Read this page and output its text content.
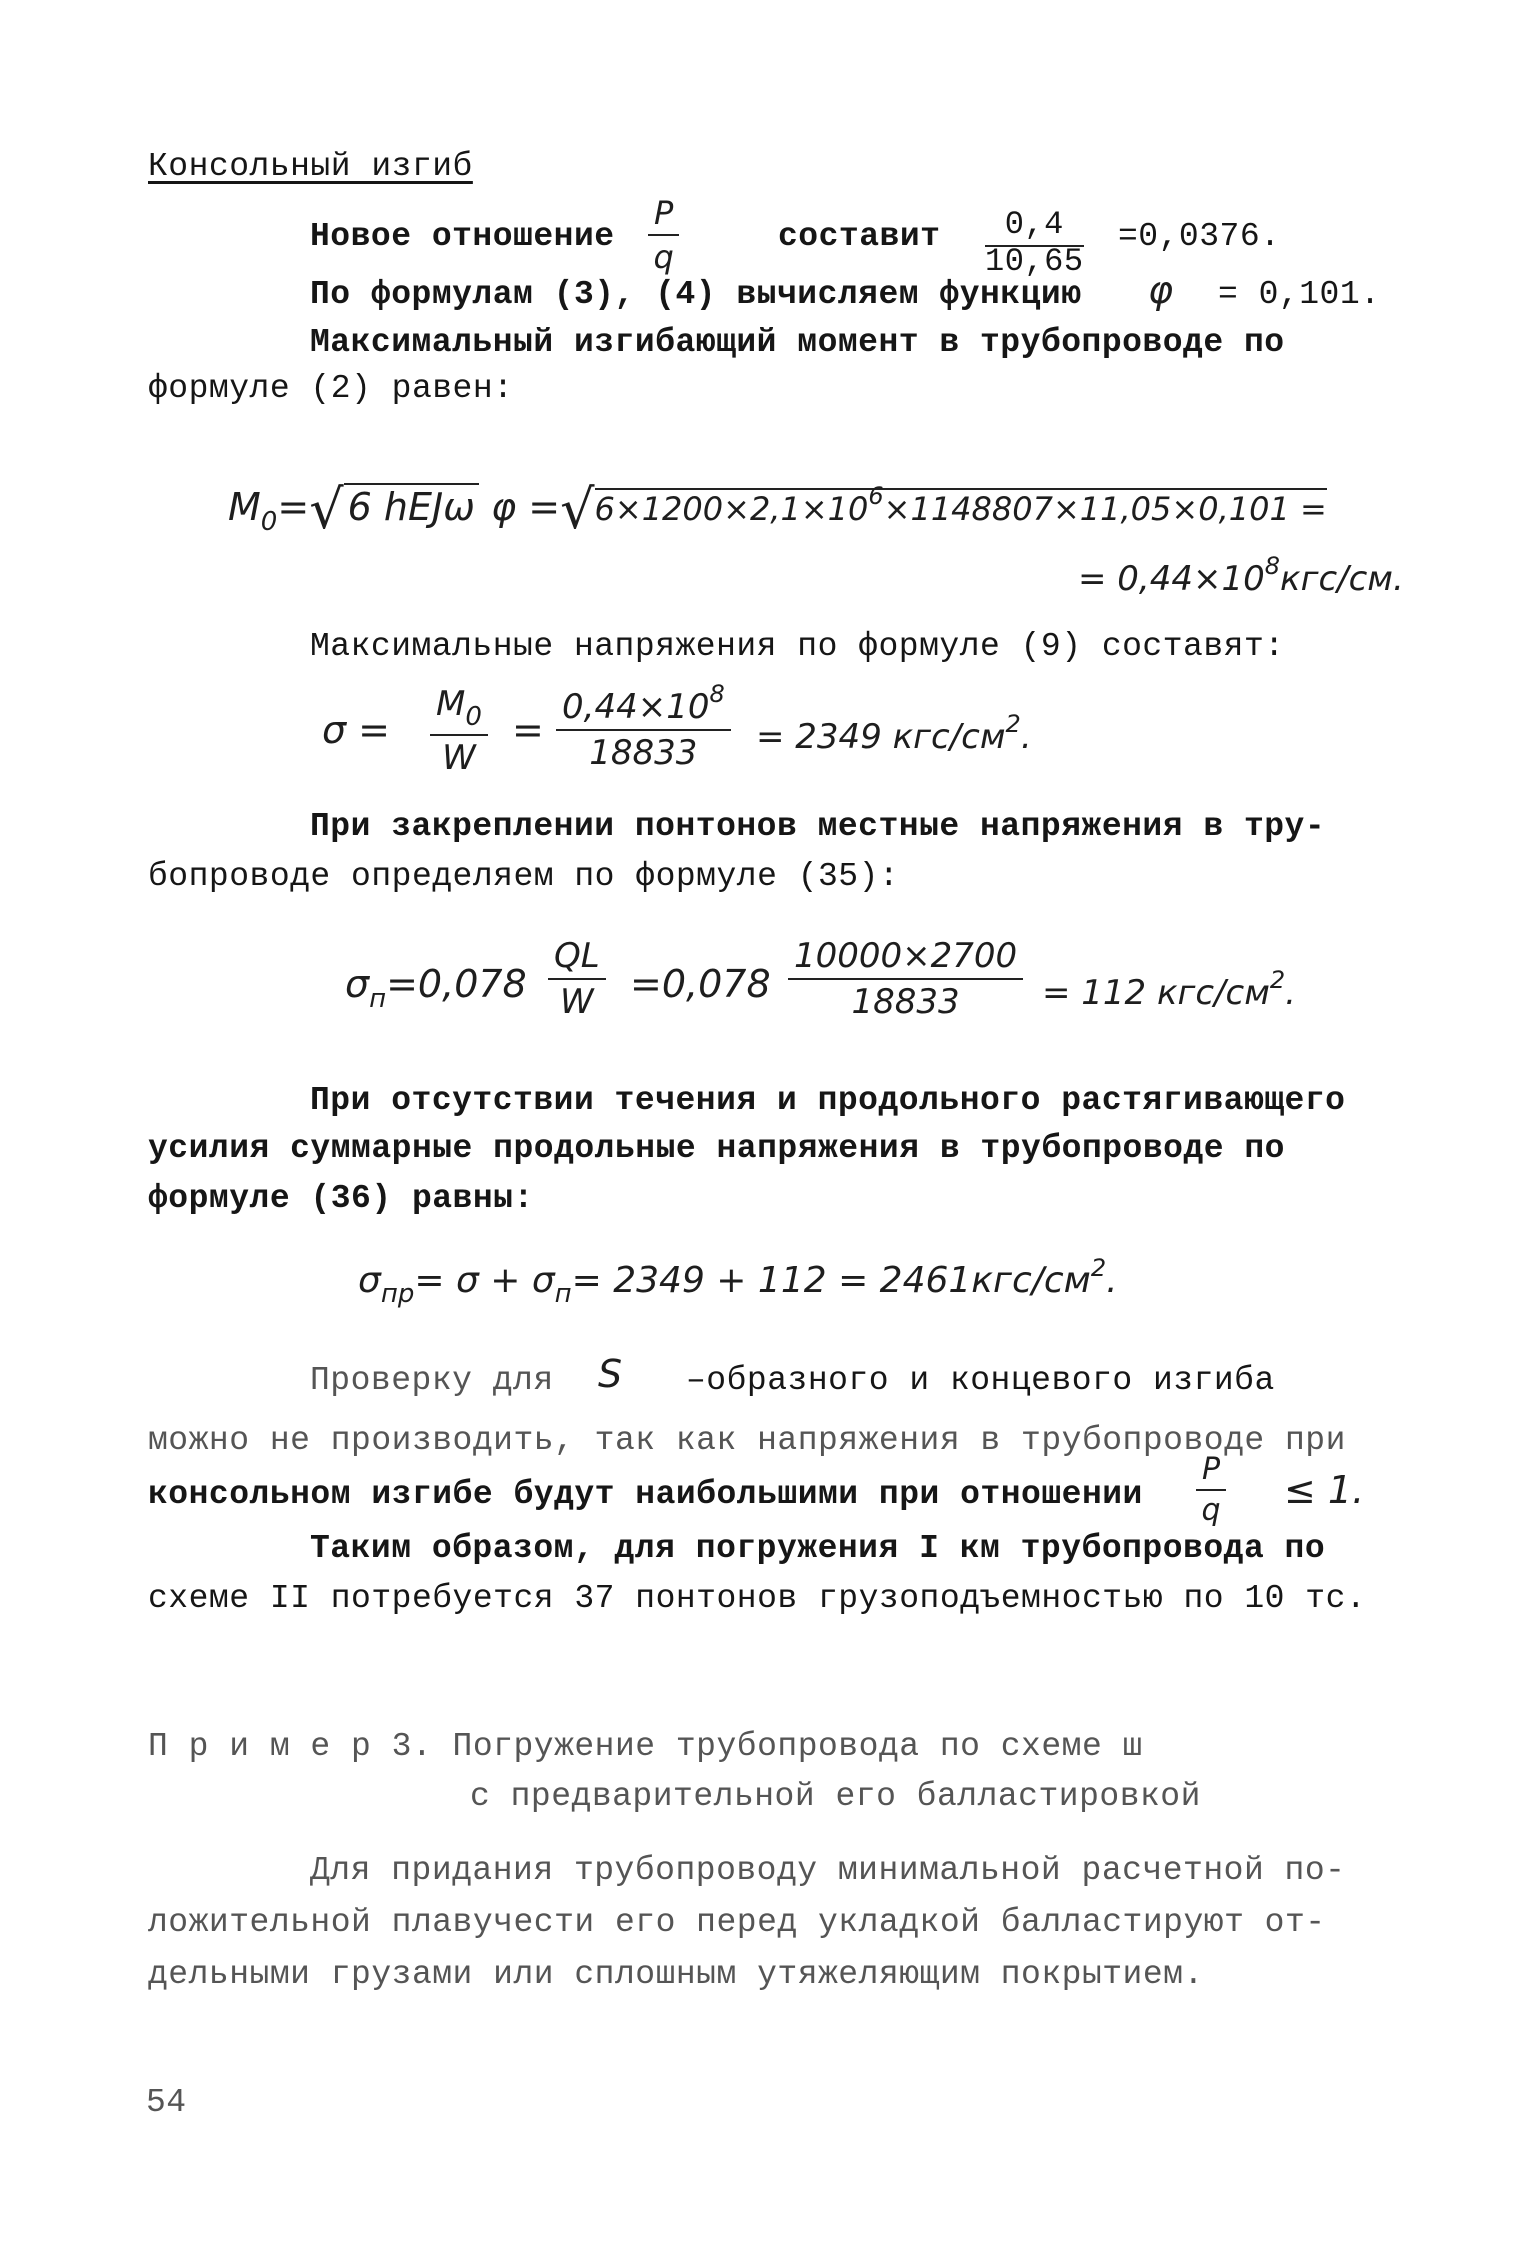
Консольный изгиб
Новое отношение $\frac{P}{q}$	составит $\frac{0,4}{10,65} =0,0376$.
По формулам (3), (4) вычисляем функцию φ = 0,101.
Максимальный изгибающий момент в трубопроводе по
формуле (2) равен:
$M_0=√$ 6 hEJω $\varphi =√6\times 1200\times 2,1\times 10^6\times 1148807\times 11,05\times 0,101$ =
= $0,44\times 10^8кгс/см$.
Максимальные напряжения по формуле (9) составят:
$\sigma = \frac{M_0}{W} = \frac{0,44\times 10^8}{18833} = 2349$ кгс/$см^2$.
При закреплении понтонов местные напряжения в тру-
бопроводе определяем по формуле (35):
$\sigma_п=0,078 \frac{QL}{W} =0,078 \frac{10000\times 2700}{18833} = 112$ кгс/$см^2$.
При отсутствии течения и продольного растягивающего
усилия суммарные продольные напряжения в трубопроводе по
формуле (36) равны:
$\sigma_{пр}= \sigma + \sigma_п= 2349 + 112 = 2461кгс/см^2$.
Проверку для S –образного и концевого изгиба
можно не производить, так как напряжения в трубопроводе при
консольном изгибе будут наибольшими при отношении $\frac{P}{q} \le 1$.
Таким образом, для погружения I км трубопровода по
схеме II потребуется 37 понтонов грузоподъемностью по 10 тс.
П р и м е р 3. Погружение трубопровода по схеме ш
с предварительной его балластировкой
Для придания трубопроводу минимальной расчетной по-
ложительной плавучести его перед укладкой балластируют от-
дельными грузами или сплошным утяжеляющим покрытием.
54
